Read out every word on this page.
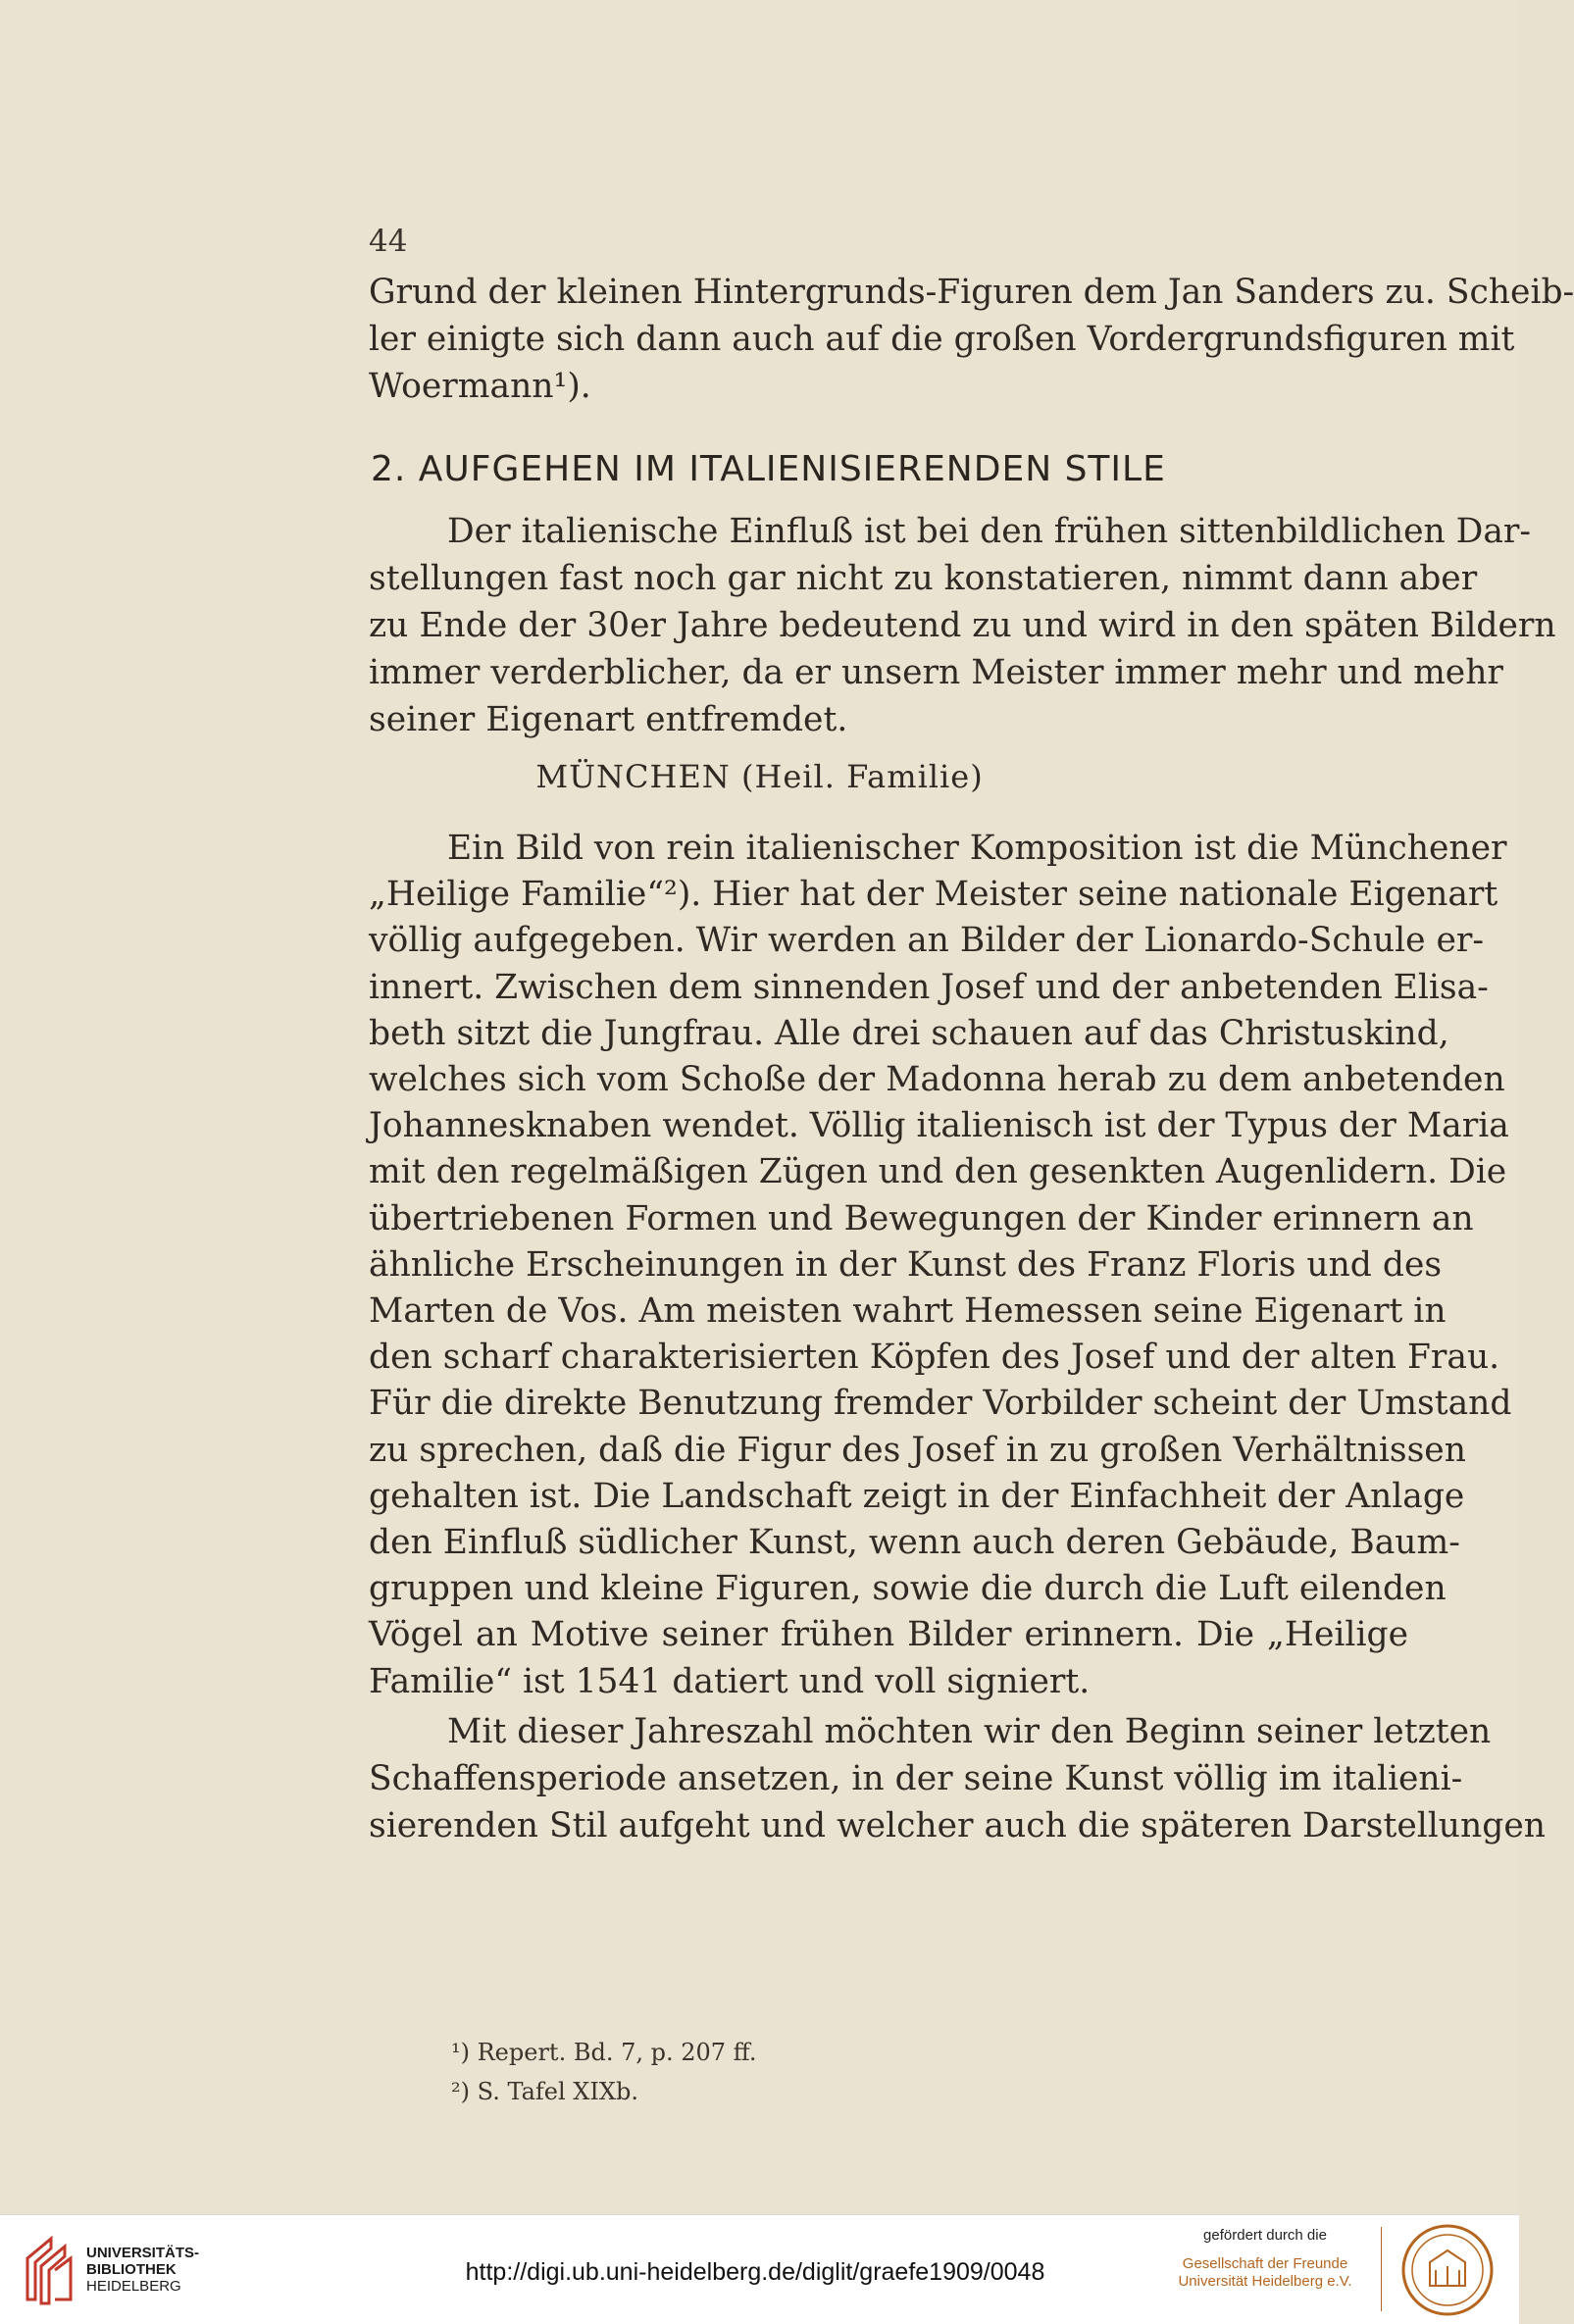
44
Grund der kleinen Hintergrunds-Figuren dem Jan Sanders zu. Scheib-
ler einigte sich dann auch auf die großen Vordergrundsfiguren mit
Woermann¹).
2. AUFGEHEN IM ITALIENISIERENDEN STILE
Der italienische Einfluß ist bei den frühen sittenbildlichen Dar-
stellungen fast noch gar nicht zu konstatieren, nimmt dann aber
zu Ende der 30er Jahre bedeutend zu und wird in den späten Bildern
immer verderblicher, da er unsern Meister immer mehr und mehr
seiner Eigenart entfremdet.
MÜNCHEN (Heil. Familie)
Ein Bild von rein italienischer Komposition ist die Münchener
„Heilige Familie“²). Hier hat der Meister seine nationale Eigenart
völlig aufgegeben. Wir werden an Bilder der Lionardo-Schule er-
innert. Zwischen dem sinnenden Josef und der anbetenden Elisa-
beth sitzt die Jungfrau. Alle drei schauen auf das Christuskind,
welches sich vom Schoße der Madonna herab zu dem anbetenden
Johannesknaben wendet. Völlig italienisch ist der Typus der Maria
mit den regelmäßigen Zügen und den gesenkten Augenlidern. Die
übertriebenen Formen und Bewegungen der Kinder erinnern an
ähnliche Erscheinungen in der Kunst des Franz Floris und des
Marten de Vos. Am meisten wahrt Hemessen seine Eigenart in
den scharf charakterisierten Köpfen des Josef und der alten Frau.
Für die direkte Benutzung fremder Vorbilder scheint der Umstand
zu sprechen, daß die Figur des Josef in zu großen Verhältnissen
gehalten ist. Die Landschaft zeigt in der Einfachheit der Anlage
den Einfluß südlicher Kunst, wenn auch deren Gebäude, Baum-
gruppen und kleine Figuren, sowie die durch die Luft eilenden
Vögel an Motive seiner frühen Bilder erinnern. Die „Heilige
Familie“ ist 1541 datiert und voll signiert.
Mit dieser Jahreszahl möchten wir den Beginn seiner letzten
Schaffensperiode ansetzen, in der seine Kunst völlig im italieni-
sierenden Stil aufgeht und welcher auch die späteren Darstellungen
¹) Repert. Bd. 7, p. 207 ff.
²) S. Tafel XIXb.
UNIVERSITÄTS-
BIBLIOTHEK
HEIDELBERG
http://digi.ub.uni-heidelberg.de/diglit/graefe1909/0048
gefördert durch die
Gesellschaft der Freunde
Universität Heidelberg e.V.
